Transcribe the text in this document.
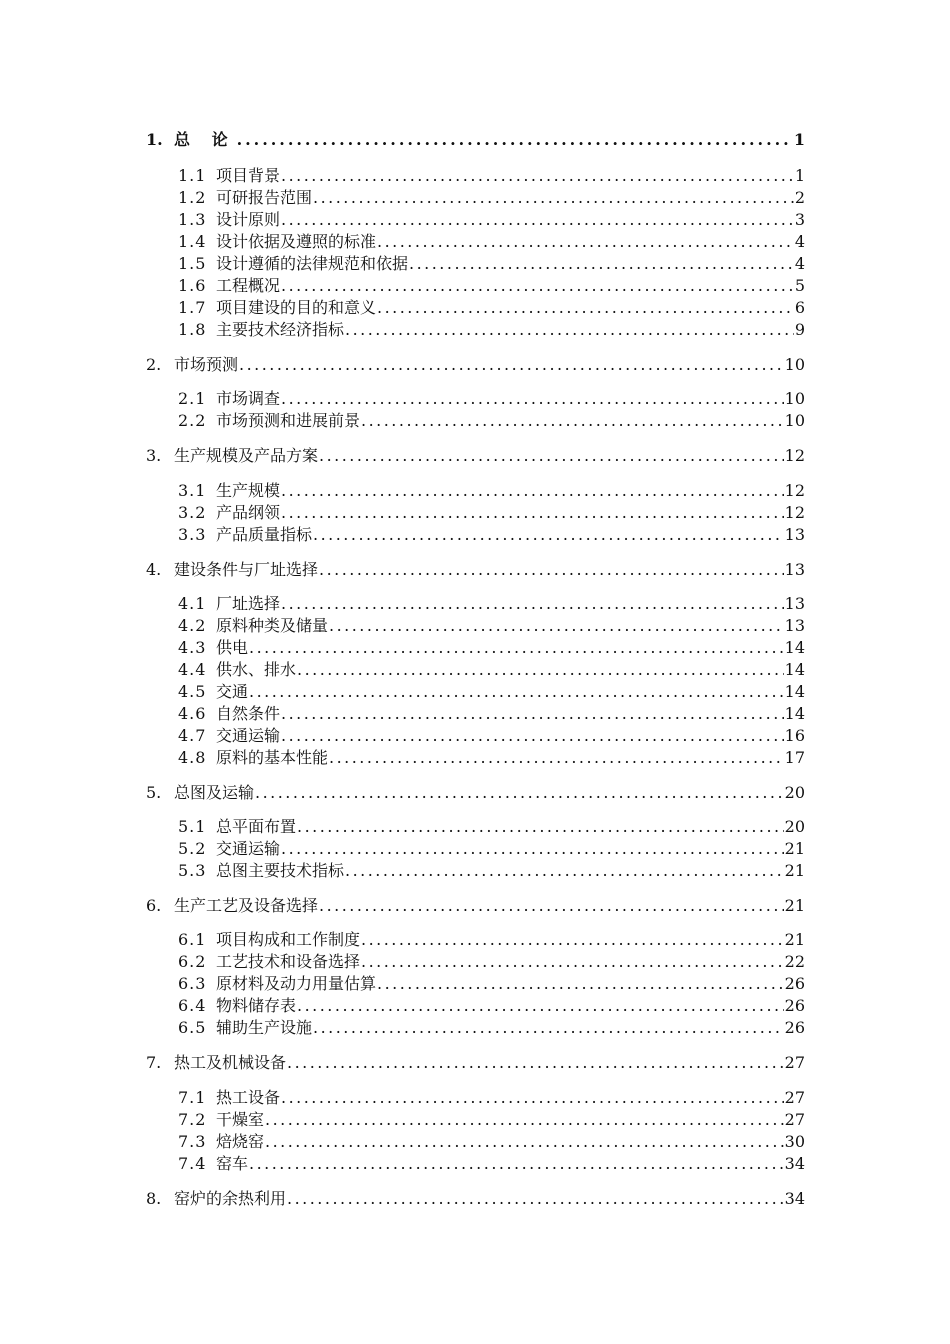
1. 总 论 . . .	1
1.1 项目背景 . . .	1
1.2 可研报告范围 . . .	2
1.3 设计原则 . . .	3
1.4 设计依据及遵照的标准 . . .	4
1.5 设计遵循的法律规范和依据 . . .	4
1.6 工程概况 . . .	5
1.7 项目建设的目的和意义 . . .	6
1.8 主要技术经济指标 . . .	9
2. 市场预测 . . .	10
2.1 市场调查 . . .	10
2.2 市场预测和进展前景 . . .	10
3. 生产规模及产品方案 . . .	12
3.1 生产规模 . . .	12
3.2 产品纲领 . . .	12
3.3 产品质量指标 . . .	13
4. 建设条件与厂址选择 . . .	13
4.1 厂址选择 . . .	13
4.2 原料种类及储量 . . .	13
4.3 供电 . . .	14
4.4 供水、排水 . . .	14
4.5 交通 . . .	14
4.6 自然条件 . . .	14
4.7 交通运输 . . .	16
4.8 原料的基本性能 . . .	17
5. 总图及运输 . . .	20
5.1 总平面布置 . . .	20
5.2 交通运输 . . .	21
5.3 总图主要技术指标 . . .	21
6. 生产工艺及设备选择 . . .	21
6.1 项目构成和工作制度 . . .	21
6.2 工艺技术和设备选择 . . .	22
6.3 原材料及动力用量估算 . . .	26
6.4 物料储存表 . . .	26
6.5 辅助生产设施 . . .	26
7. 热工及机械设备 . . .	27
7.1 热工设备 . . .	27
7.2 干燥室 . . .	27
7.3 焙烧窑 . . .	30
7.4 窑车 . . .	34
8. 窑炉的余热利用 . . .	34
